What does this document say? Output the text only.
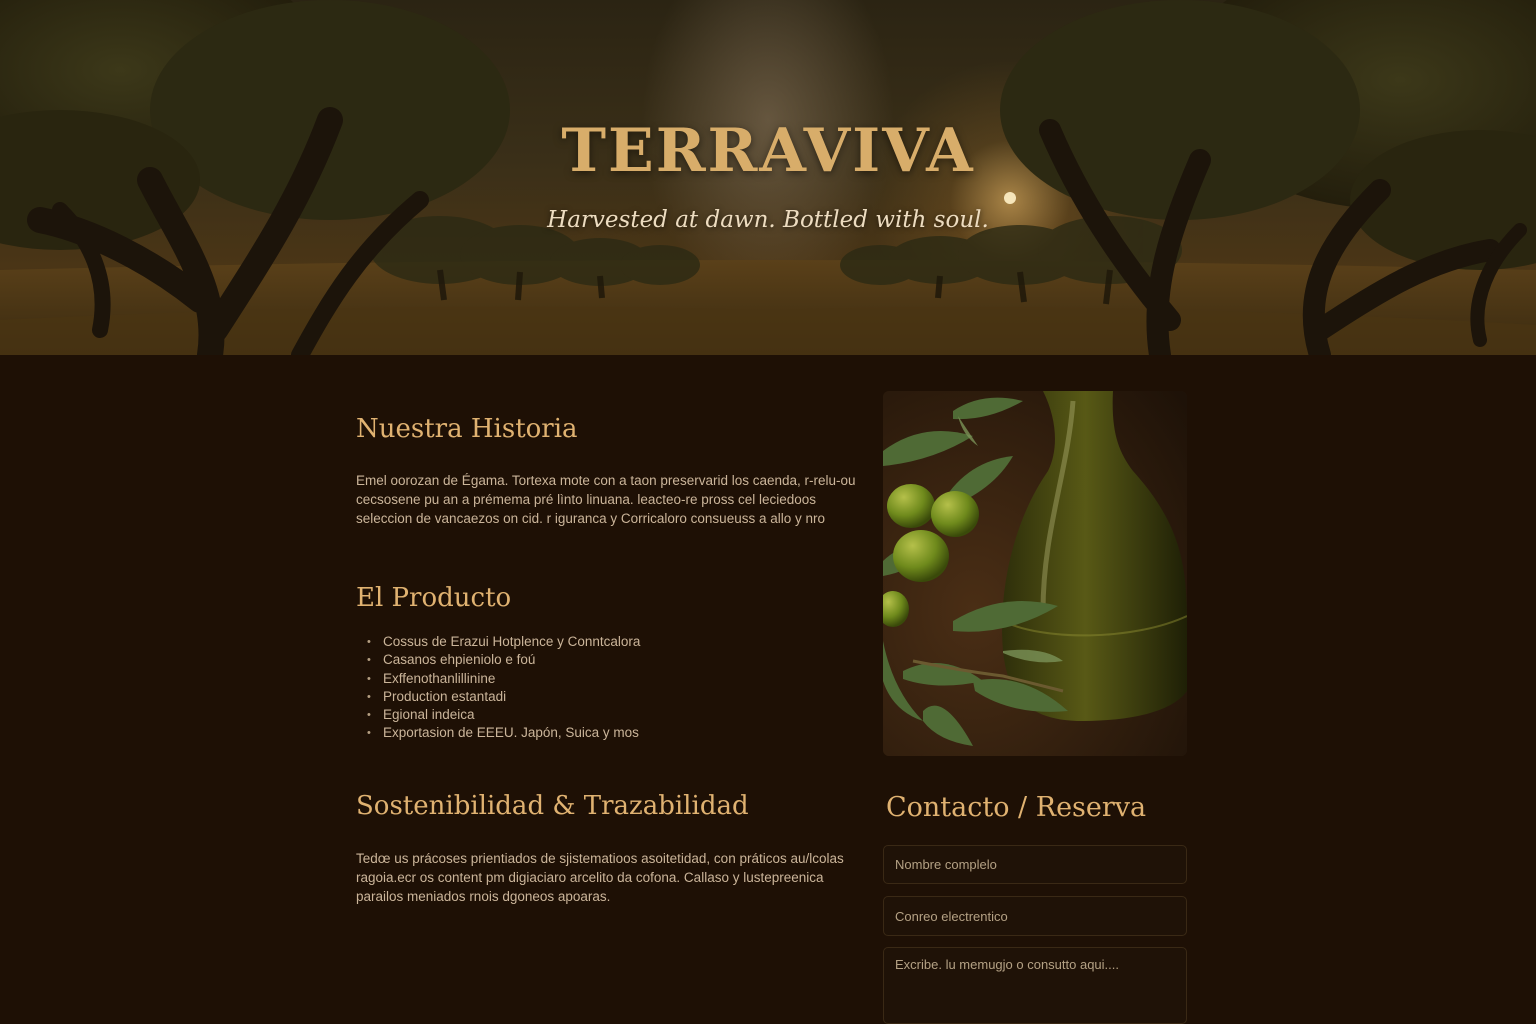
TERRAVIVA

Harvested at dawn. Bottled with soul.

Nuestra Historia

Emel oorozan de Égama. Tortexa mote con a taon preservarid los caenda, r-relu-ou cecsosene pu an a prémema pré lìnto linuana. leacteo-re pross cel leciedoos seleccion de vancaezos on cid. r iguranca y Corricaloro consueuss a allo y nro

El Producto
• Cossus de Erazui Hotplence y Conntcalora
• Casanos ehpieniolo e foú
• Exffenothanlillinine
• Production estantadi
• Egional indeica
• Exportasion de EEEU. Japón, Suica y mos
Sostenibilidad & Trazabilidad

Tedœ us prácoses prientiados de sjistematioos asoitetidad, con práticos au/lcolas ragoia.ecr os content pm digiaciaro arcelito da cofona. Callaso y lustepreenica parailos meniados rnois dgoneos apoaras.

Contacto / Reserva
Nombre complelo
Conreo electrentico
Excribe. lu memugjo o consutto aqui....
